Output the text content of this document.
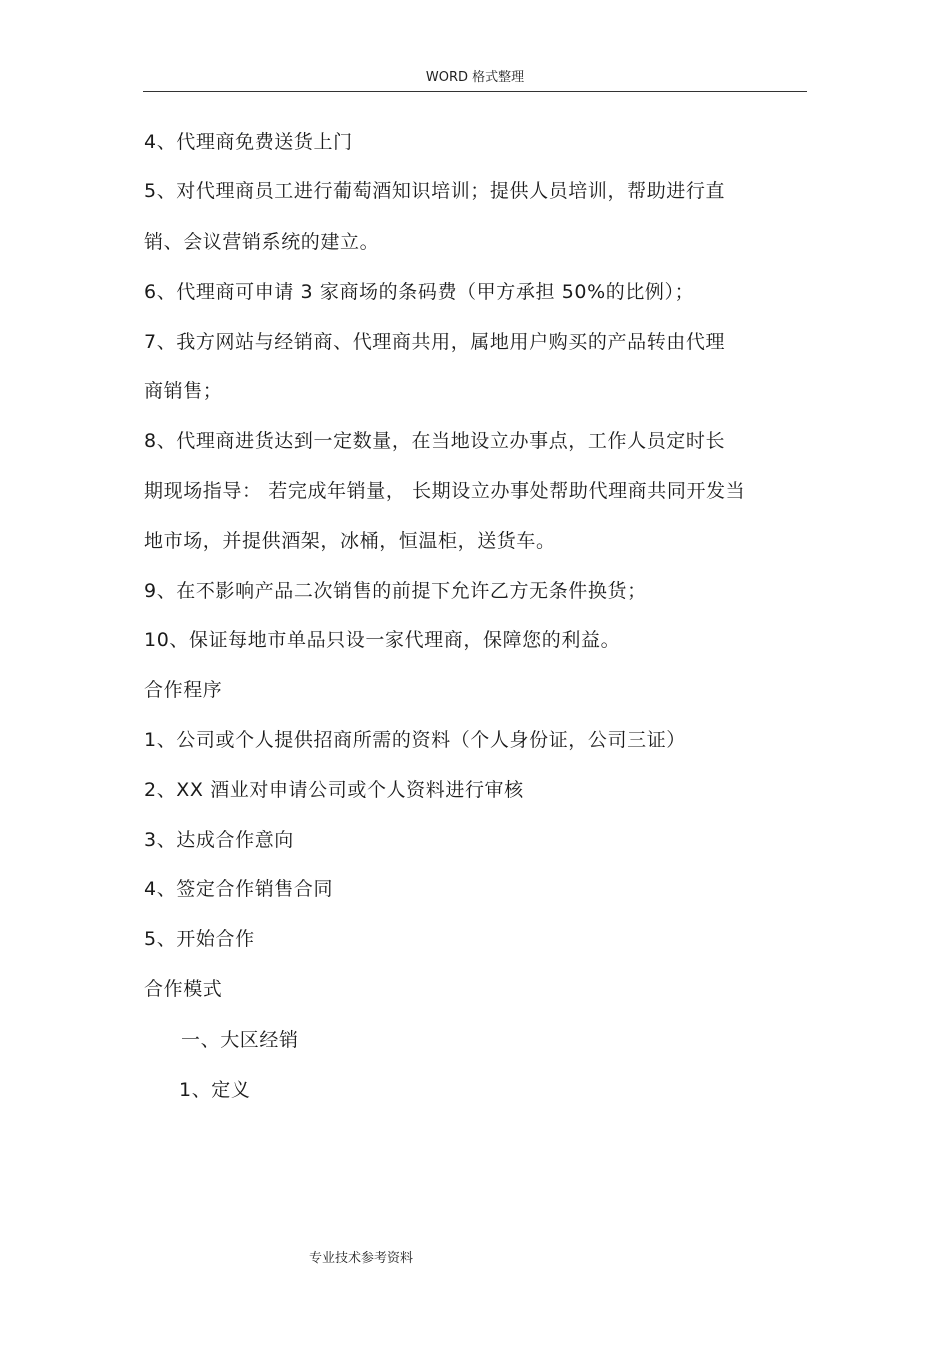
WORD 格式整理
4、代理商免费送货上门
5、对代理商员工进行葡萄酒知识培训；提供人员培训，帮助进行直
销、会议营销系统的建立。
6、代理商可申请 3 家商场的条码费（甲方承担 50%的比例）；
7、我方网站与经销商、代理商共用，属地用户购买的产品转由代理
商销售；
8、代理商进货达到一定数量，在当地设立办事点，工作人员定时长
期现场指导： 若完成年销量， 长期设立办事处帮助代理商共同开发当
地市场，并提供酒架，冰桶，恒温柜，送货车。
9、在不影响产品二次销售的前提下允许乙方无条件换货；
10、保证每地市单品只设一家代理商，保障您的利益。
合作程序
1、公司或个人提供招商所需的资料（个人身份证，公司三证）
2、XX 酒业对申请公司或个人资料进行审核
3、达成合作意向
4、签定合作销售合同
5、开始合作
合作模式
一、大区经销
1、定义
专业技术参考资料
